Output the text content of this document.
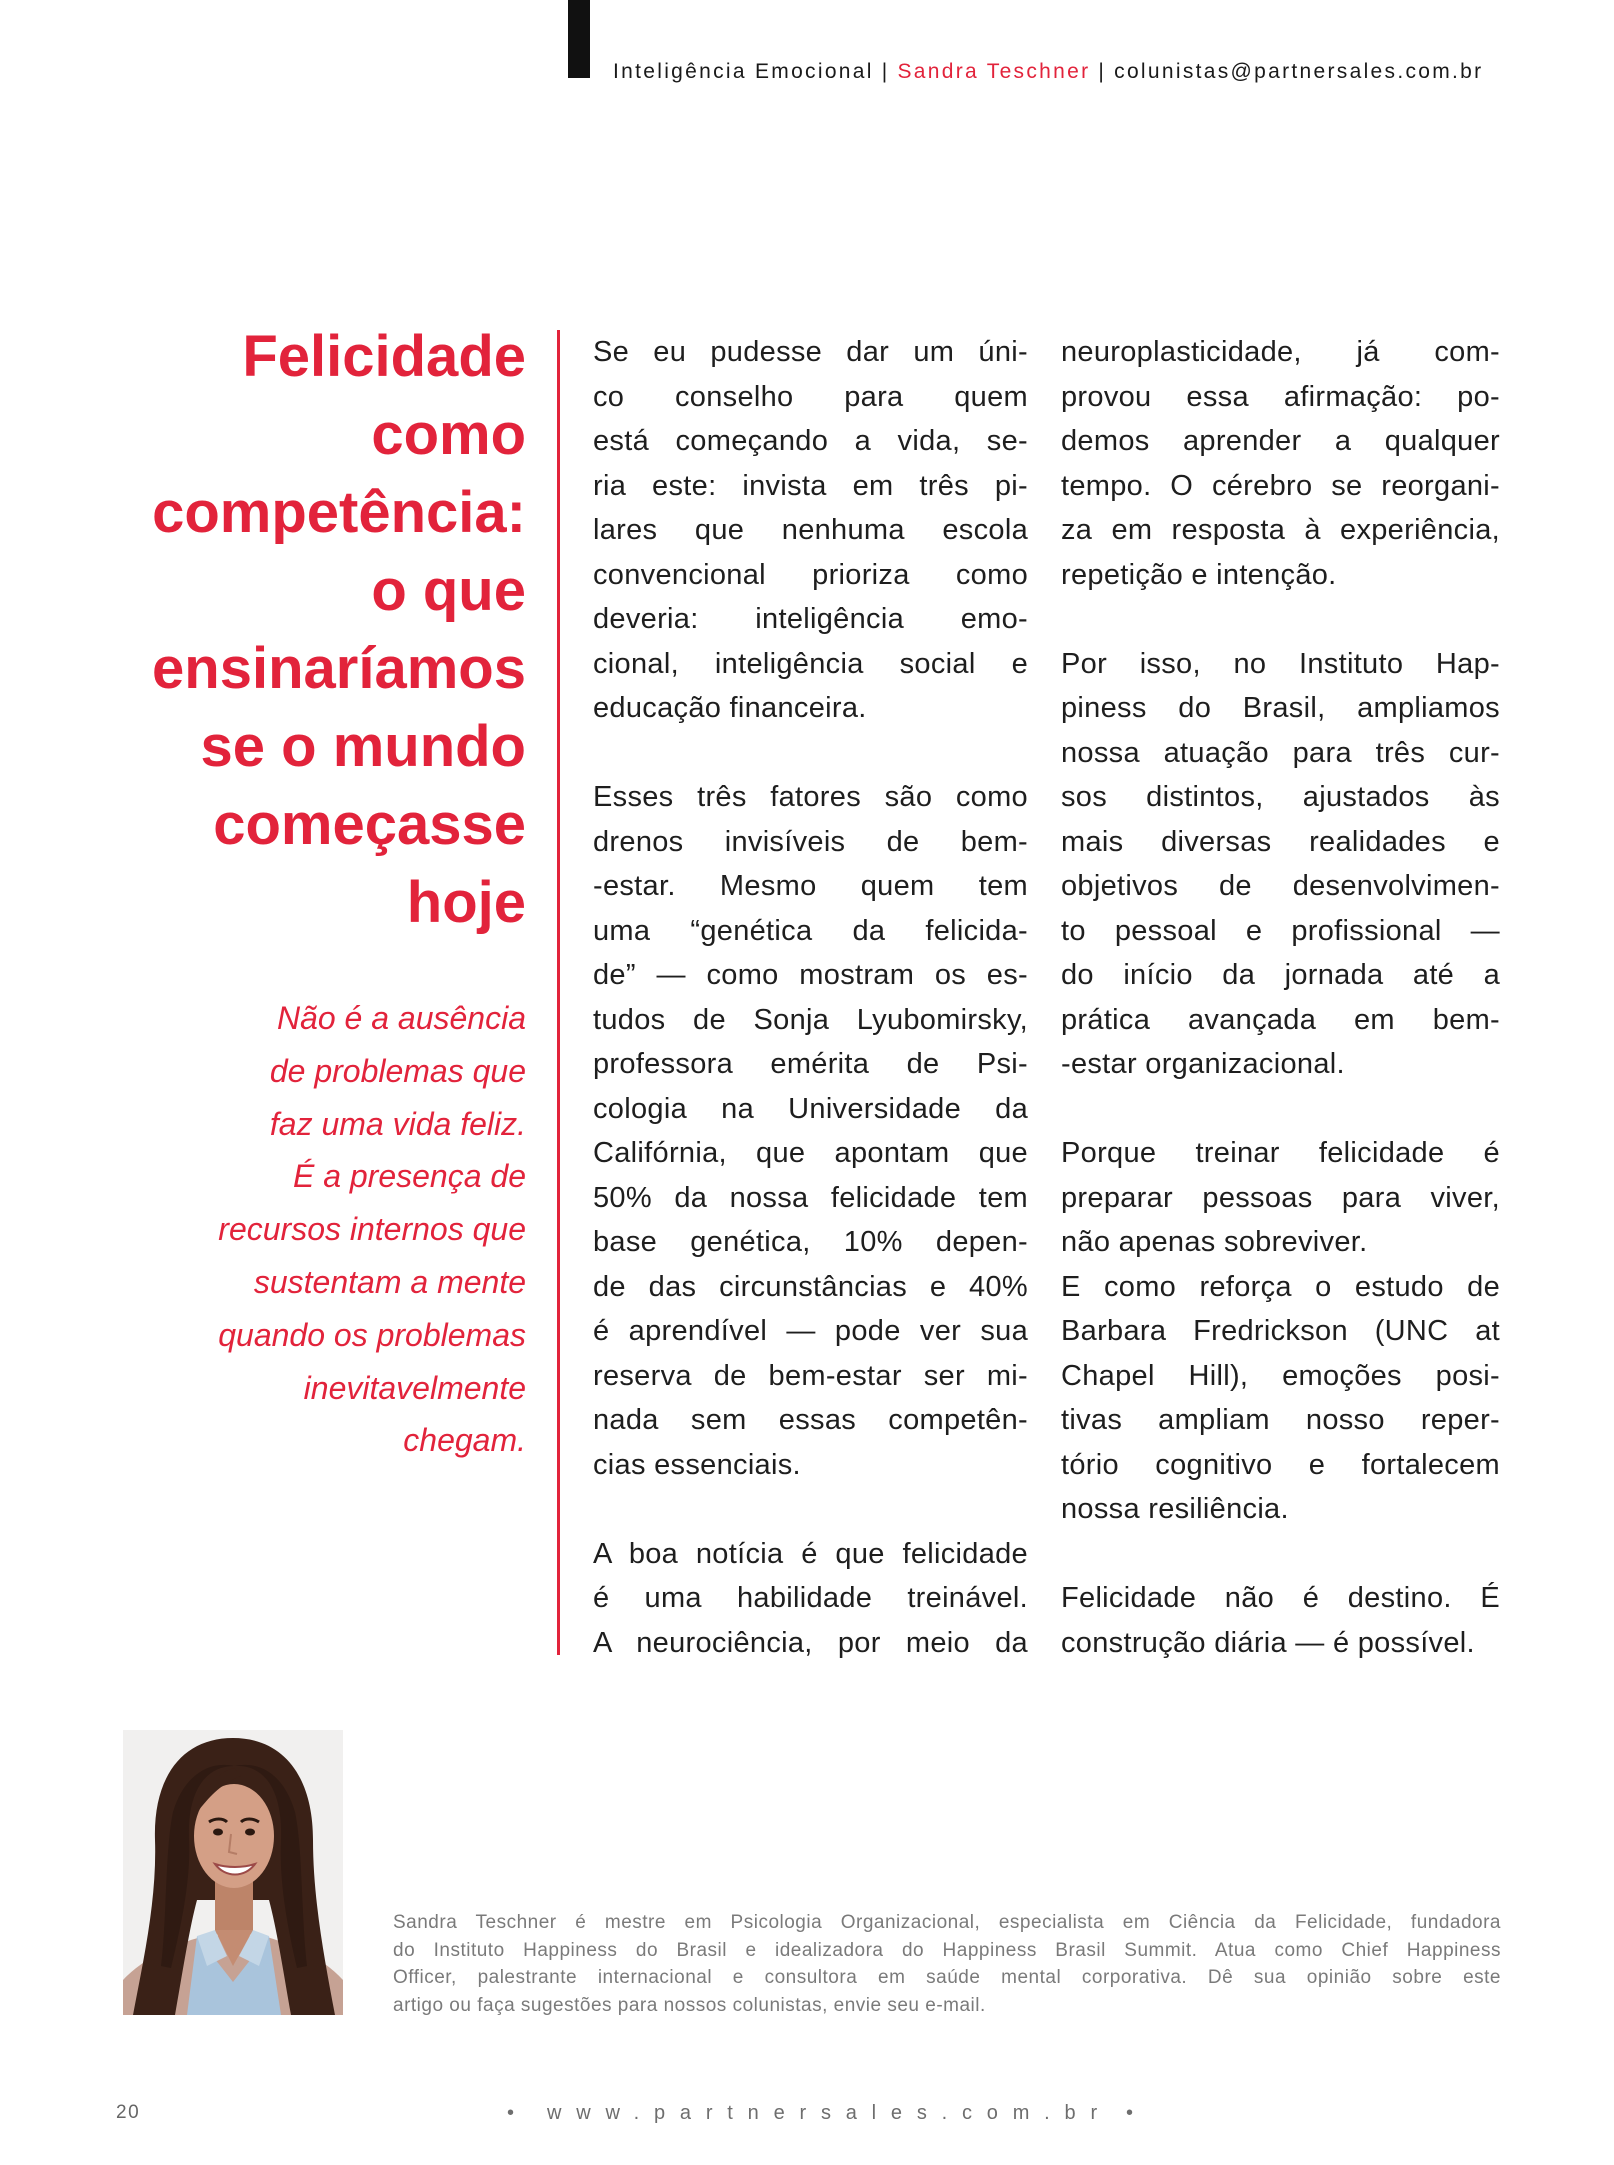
Inteligência Emocional | Sandra Teschner | colunistas@partnersales.com.br
Felicidade
como
competência:
o que
ensinaríamos
se o mundo
começasse
hoje
Não é a ausência
de problemas que
faz uma vida feliz.
É a presença de
recursos internos que
sustentam a mente
quando os problemas
inevitavelmente
chegam.
Se eu pudesse dar um úni-
co conselho para quem
está começando a vida, se-
ria este: invista em três pi-
lares que nenhuma escola
convencional prioriza como
deveria: inteligência emo-
cional, inteligência social e
educação financeira.
Esses três fatores são como
drenos invisíveis de bem-
-estar. Mesmo quem tem
uma “genética da felicida-
de” — como mostram os es-
tudos de Sonja Lyubomirsky,
professora emérita de Psi-
cologia na Universidade da
Califórnia, que apontam que
50% da nossa felicidade tem
base genética, 10% depen-
de das circunstâncias e 40%
é aprendível — pode ver sua
reserva de bem-estar ser mi-
nada sem essas competên-
cias essenciais.
A boa notícia é que felicidade
é uma habilidade treinável.
A neurociência, por meio da
neuroplasticidade, já com-
provou essa afirmação: po-
demos aprender a qualquer
tempo. O cérebro se reorgani-
za em resposta à experiência,
repetição e intenção.
Por isso, no Instituto Hap-
piness do Brasil, ampliamos
nossa atuação para três cur-
sos distintos, ajustados às
mais diversas realidades e
objetivos de desenvolvimen-
to pessoal e profissional —
do início da jornada até a
prática avançada em bem-
-estar organizacional.
Porque treinar felicidade é
preparar pessoas para viver,
não apenas sobreviver.
E como reforça o estudo de
Barbara Fredrickson (UNC at
Chapel Hill), emoções posi-
tivas ampliam nosso reper-
tório cognitivo e fortalecem
nossa resiliência.
Felicidade não é destino. É
construção diária — é possível.
Sandra Teschner é mestre em Psicologia Organizacional, especialista em Ciência da Felicidade, fundadora
do Instituto Happiness do Brasil e idealizadora do Happiness Brasil Summit. Atua como Chief Happiness
Officer, palestrante internacional e consultora em saúde mental corporativa. Dê sua opinião sobre este
artigo ou faça sugestões para nossos colunistas, envie seu e-mail.
20	• www.partnersales.com.br •
